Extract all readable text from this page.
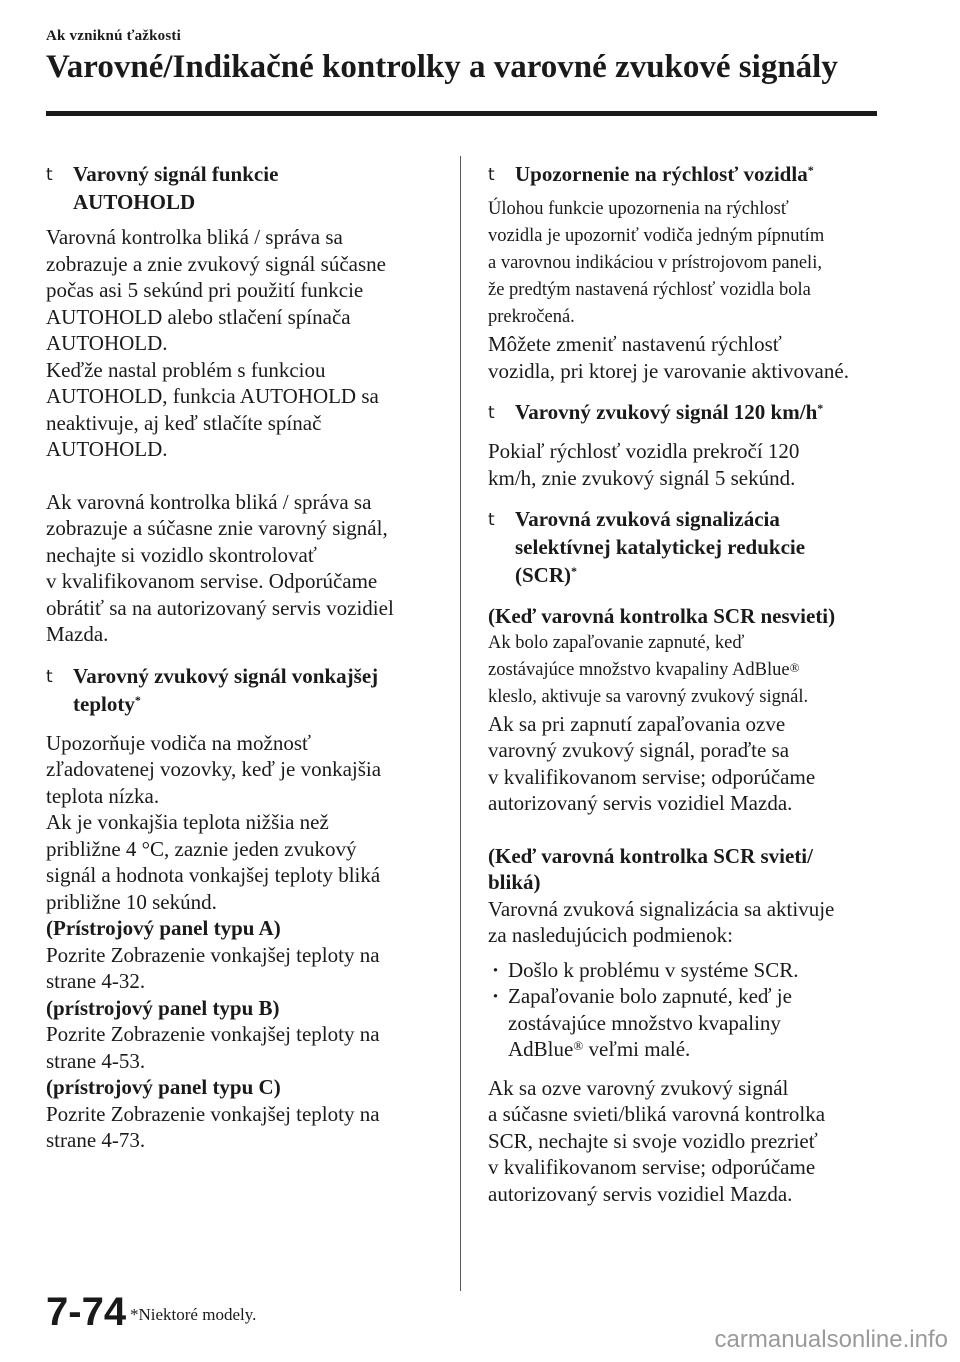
Ak vzniknú ťažkosti
Varovné/Indikačné kontrolky a varovné zvukové signály
t Varovný signál funkcie
AUTOHOLD

Varovná kontrolka bliká / správa sa
zobrazuje a znie zvukový signál súčasne
počas asi 5 sekúnd pri použití funkcie
AUTOHOLD alebo stlačení spínača
AUTOHOLD.

Keďže nastal problém s funkciou
AUTOHOLD, funkcia AUTOHOLD sa
neaktivuje, aj keď stlačíte spínač
AUTOHOLD.

Ak varovná kontrolka bliká / správa sa
zobrazuje a súčasne znie varovný signál,
nechajte si vozidlo skontrolovať
v kvalifikovanom servise. Odporúčame
obrátiť sa na autorizovaný servis vozidiel
Mazda.

t Varovný zvukový signál vonkajšej
teploty*

Upozorňuje vodiča na možnosť
zľadovatenej vozovky, keď je vonkajšia
teplota nízka.

Ak je vonkajšia teplota nižšia než
približne 4 °C, zaznie jeden zvukový
signál a hodnota vonkajšej teploty bliká
približne 10 sekúnd.

(Prístrojový panel typu A)

Pozrite Zobrazenie vonkajšej teploty na
strane 4-32.

(prístrojový panel typu B)

Pozrite Zobrazenie vonkajšej teploty na
strane 4-53.

(prístrojový panel typu C)

Pozrite Zobrazenie vonkajšej teploty na
strane 4-73.

t Upozornenie na rýchlosť vozidla*

Úlohou funkcie upozornenia na rýchlosť
vozidla je upozorniť vodiča jedným pípnutím
a varovnou indikáciou v prístrojovom paneli,
že predtým nastavená rýchlosť vozidla bola
prekročená.

Môžete zmeniť nastavenú rýchlosť
vozidla, pri ktorej je varovanie aktivované.

t Varovný zvukový signál 120 km/h*

Pokiaľ rýchlosť vozidla prekročí 120
km/h, znie zvukový signál 5 sekúnd.

t Varovná zvuková signalizácia
selektívnej katalytickej redukcie
(SCR)*

(Keď varovná kontrolka SCR nesvieti)

Ak bolo zapaľovanie zapnuté, keď
zostávajúce množstvo kvapaliny AdBlue®
kleslo, aktivuje sa varovný zvukový signál.

Ak sa pri zapnutí zapaľovania ozve
varovný zvukový signál, poraďte sa
v kvalifikovanom servise; odporúčame
autorizovaný servis vozidiel Mazda.

(Keď varovná kontrolka SCR svieti/
bliká)

Varovná zvuková signalizácia sa aktivuje
za nasledujúcich podmienok:

· Došlo k problému v systéme SCR.
· Zapaľovanie bolo zapnuté, keď je
zostávajúce množstvo kvapaliny
AdBlue® veľmi malé.

Ak sa ozve varovný zvukový signál
a súčasne svieti/bliká varovná kontrolka
SCR, nechajte si svoje vozidlo prezrieť
v kvalifikovanom servise; odporúčame
autorizovaný servis vozidiel Mazda.

7-74 *Niektoré modely.
carmanualsonline.info
